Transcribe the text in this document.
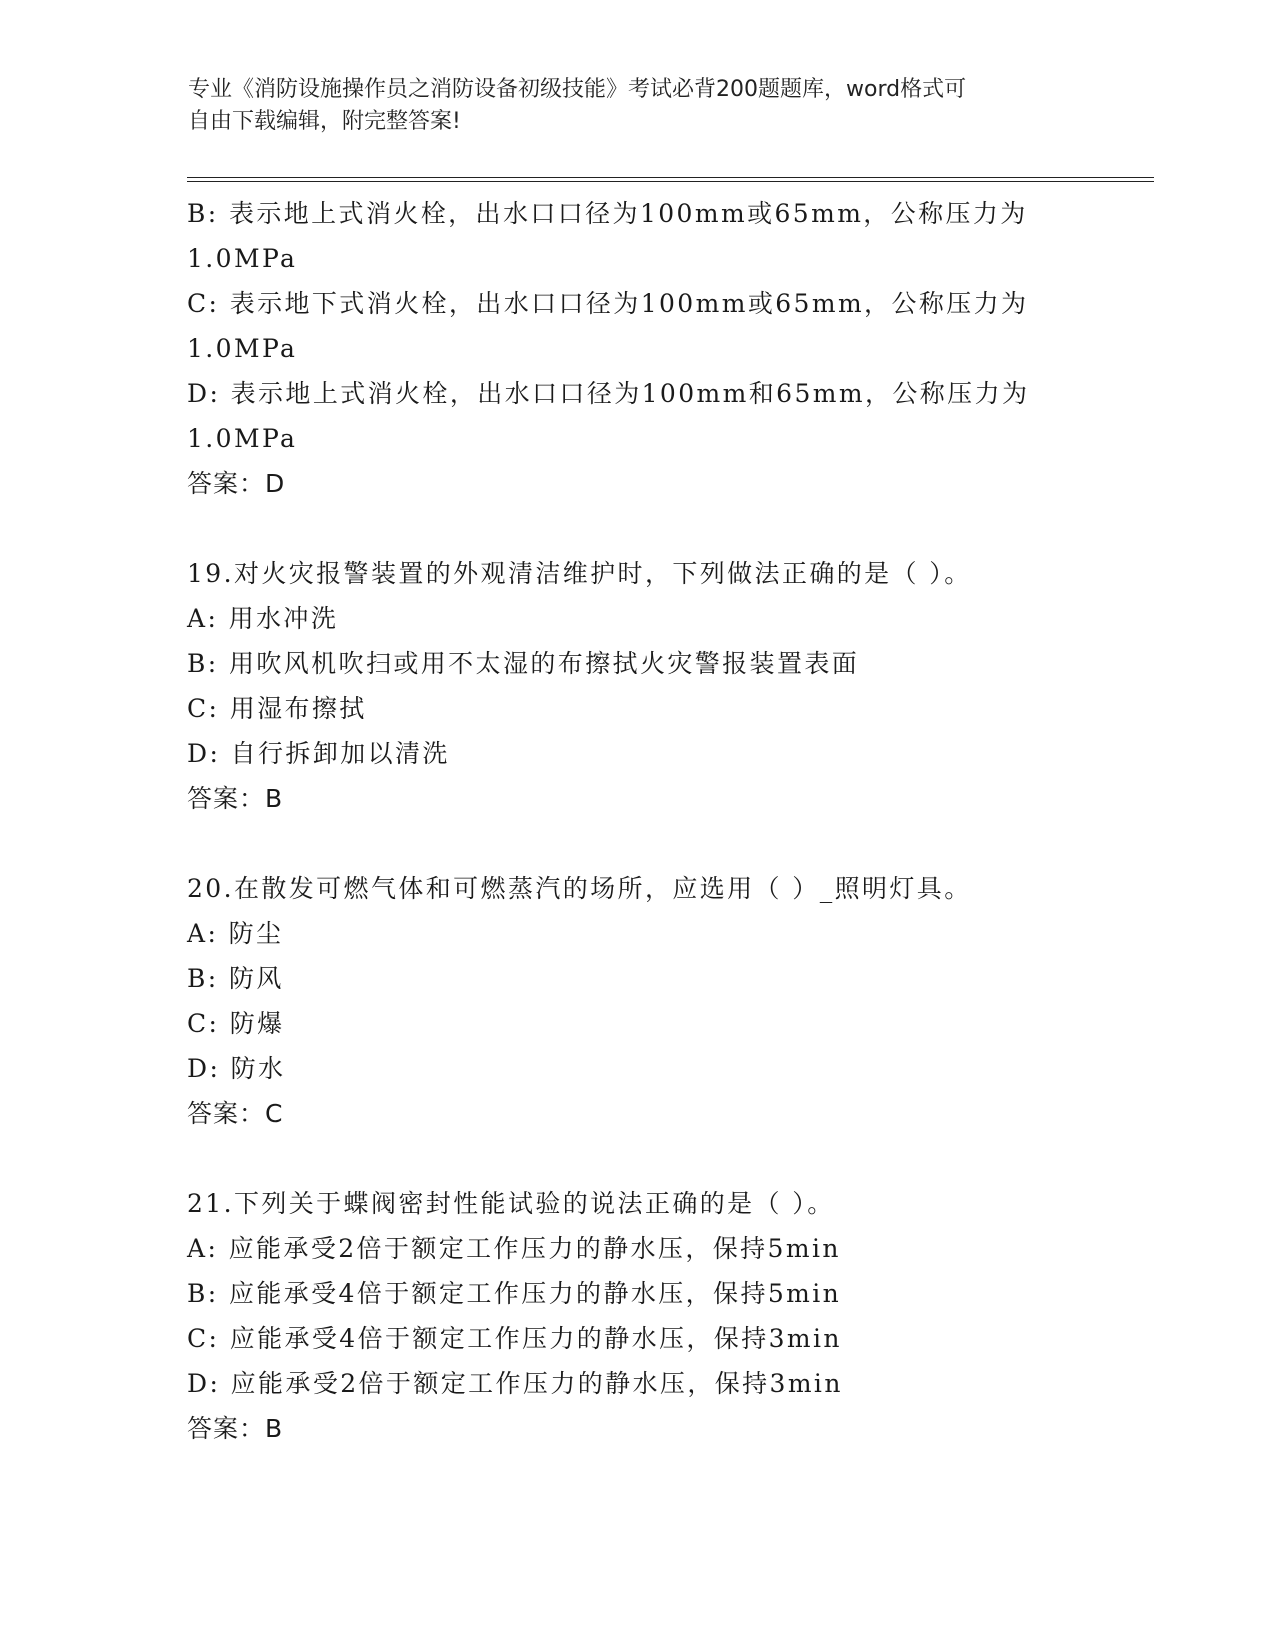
专业《消防设施操作员之消防设备初级技能》考试必背200题题库，word格式可
自由下载编辑，附完整答案!
B: 表示地上式消火栓，出水口口径为100mm或65mm，公称压力为
1.0MPa
C: 表示地下式消火栓，出水口口径为100mm或65mm，公称压力为
1.0MPa
D: 表示地上式消火栓，出水口口径为100mm和65mm，公称压力为
1.0MPa
答案：D
19.对火灾报警装置的外观清洁维护时，下列做法正确的是（ ）。
A: 用水冲洗
B: 用吹风机吹扫或用不太湿的布擦拭火灾警报装置表面
C: 用湿布擦拭
D: 自行拆卸加以清洗
答案：B
20.在散发可燃气体和可燃蒸汽的场所，应选用（ ）_照明灯具。
A: 防尘
B: 防风
C: 防爆
D: 防水
答案：C
21.下列关于蝶阀密封性能试验的说法正确的是（ ）。
A: 应能承受2倍于额定工作压力的静水压，保持5min
B: 应能承受4倍于额定工作压力的静水压，保持5min
C: 应能承受4倍于额定工作压力的静水压，保持3min
D: 应能承受2倍于额定工作压力的静水压，保持3min
答案：B
